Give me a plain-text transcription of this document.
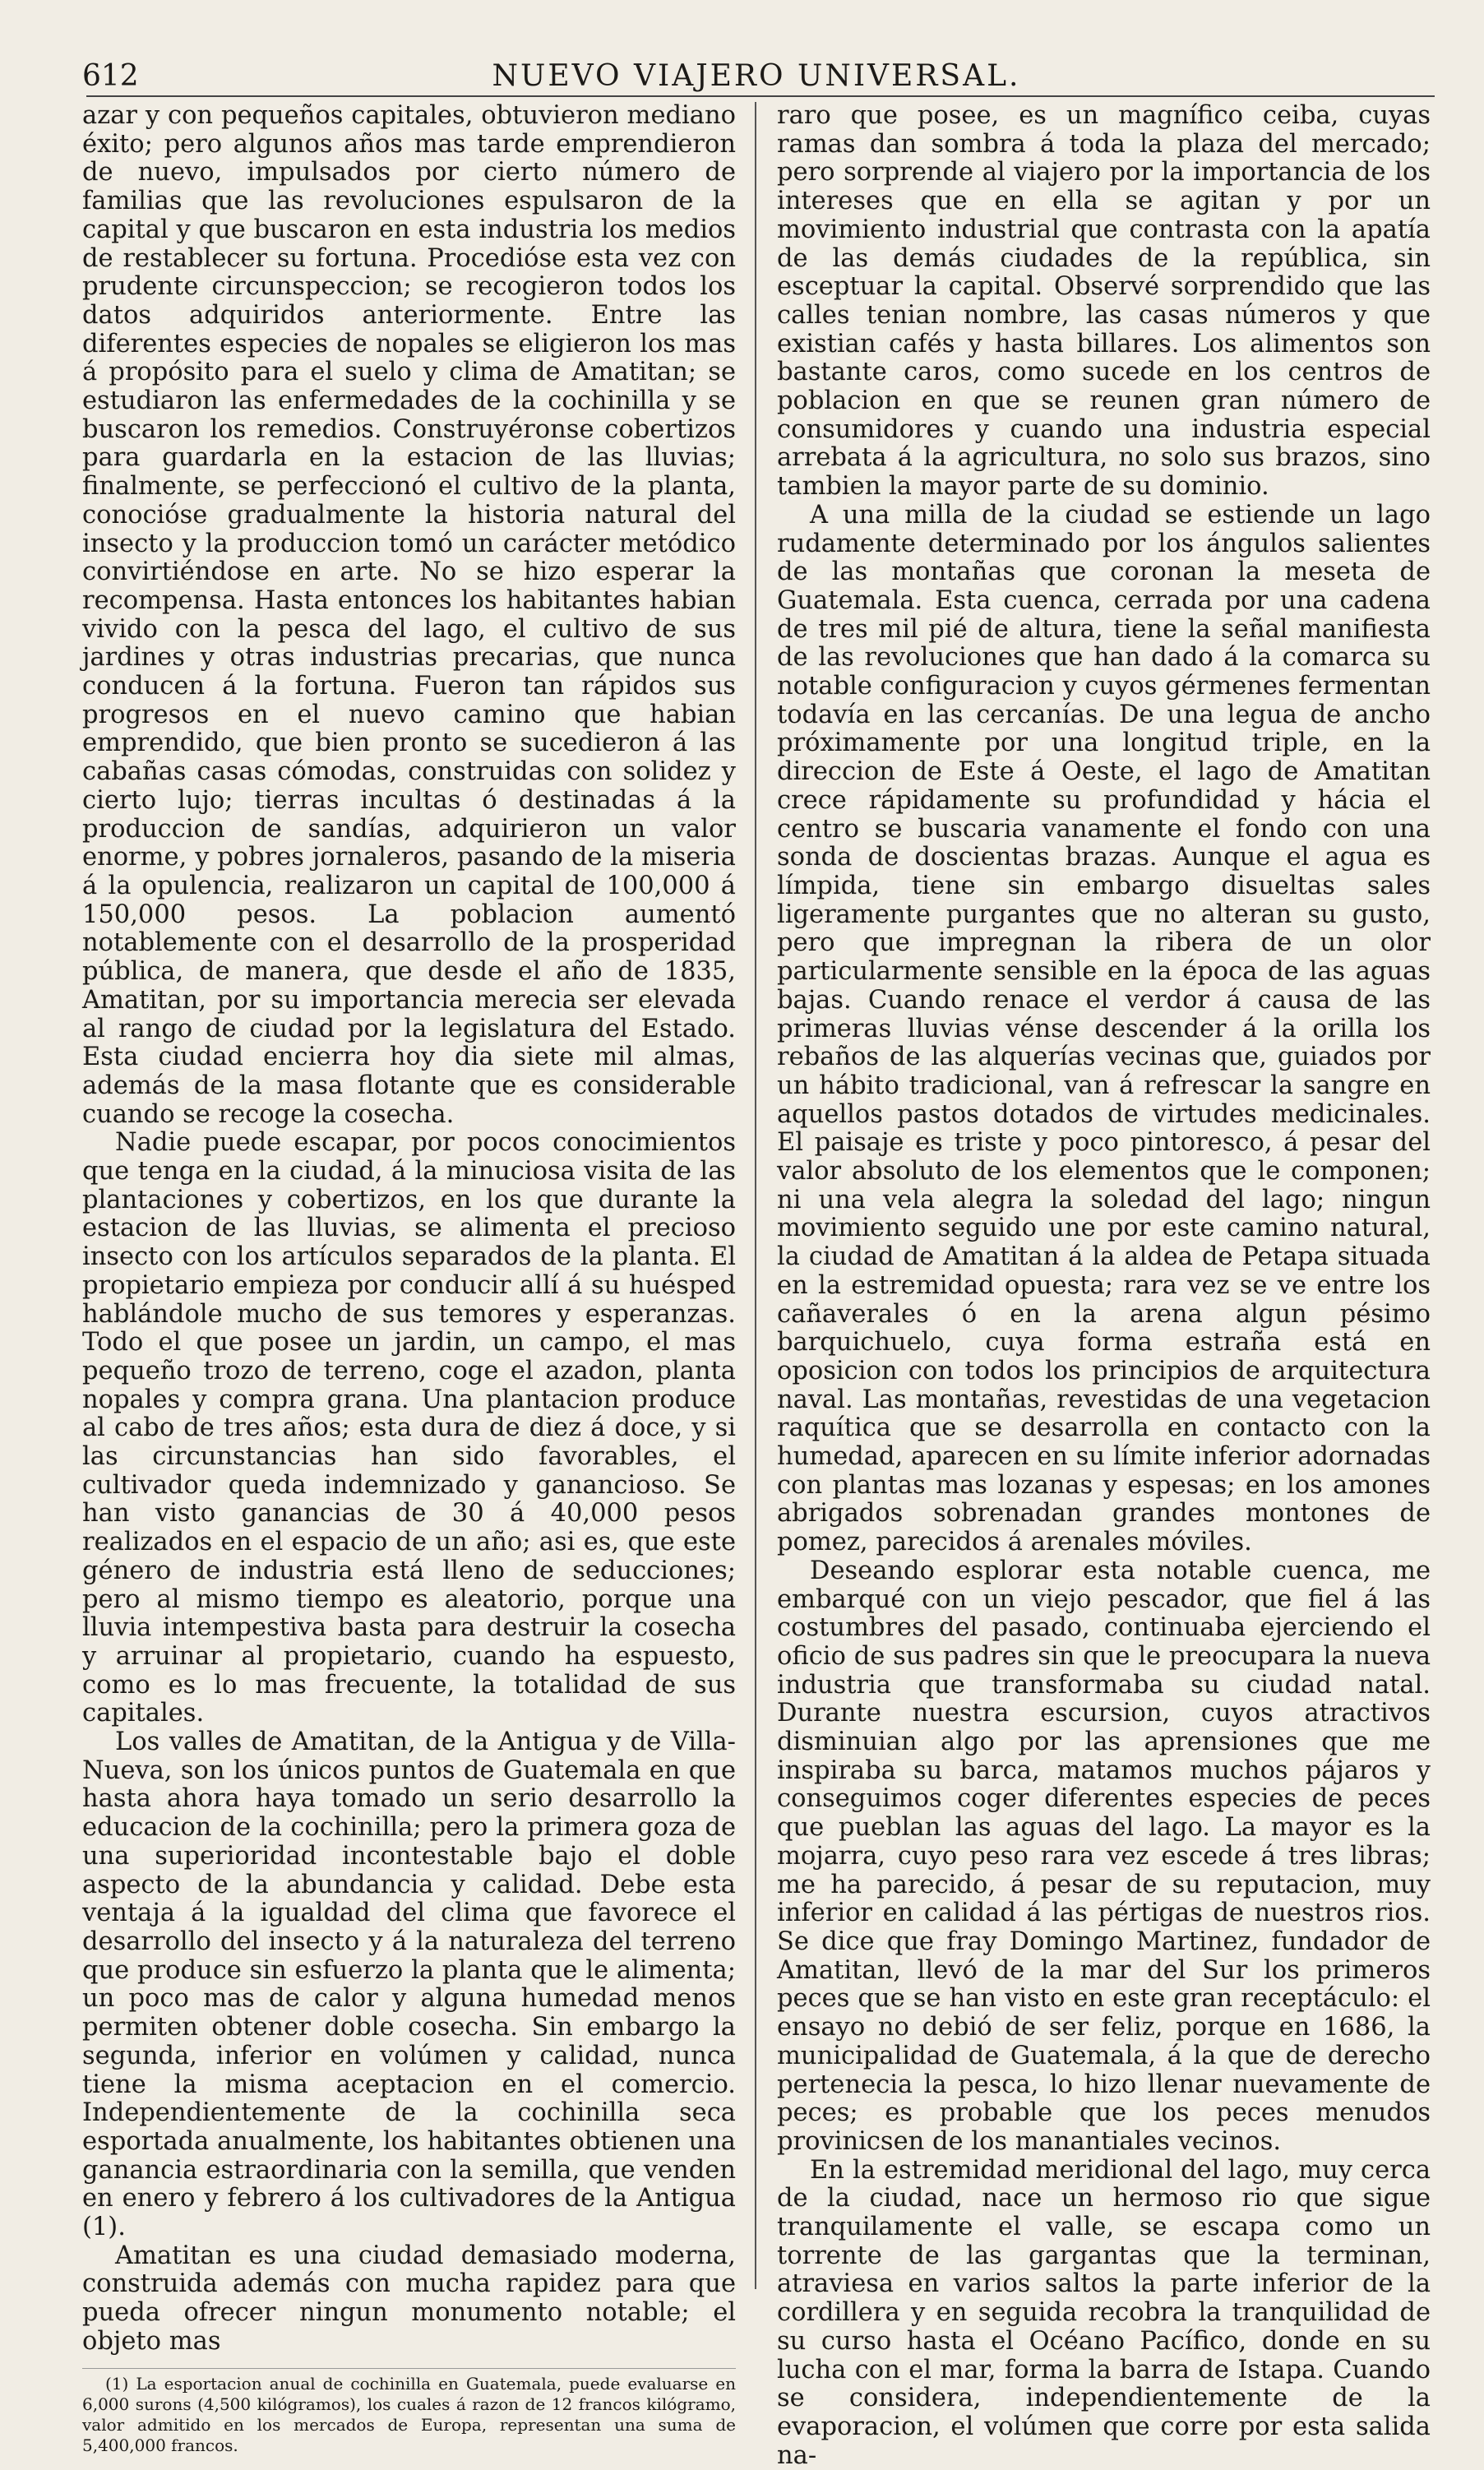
612	NUEVO VIAJERO UNIVERSAL.

azar y con pequeños capitales, obtuvieron mediano éxito; pero algunos años mas tarde emprendieron de nuevo, impulsados por cierto número de familias que las revoluciones espulsaron de la capital y que buscaron en esta industria los medios de restablecer su fortuna. Procedióse esta vez con prudente circunspeccion; se recogieron todos los datos adquiridos anteriormente. Entre las diferentes especies de nopales se eligieron los mas á propósito para el suelo y clima de Amatitan; se estudiaron las enfermedades de la cochinilla y se buscaron los remedios. Construyéronse cobertizos para guardarla en la estacion de las lluvias; finalmente, se perfeccionó el cultivo de la planta, conocióse gradualmente la historia natural del insecto y la produccion tomó un carácter metódico convirtiéndose en arte. No se hizo esperar la recompensa. Hasta entonces los habitantes habian vivido con la pesca del lago, el cultivo de sus jardines y otras industrias precarias, que nunca conducen á la fortuna. Fueron tan rápidos sus progresos en el nuevo camino que habian emprendido, que bien pronto se sucedieron á las cabañas casas cómodas, construidas con solidez y cierto lujo; tierras incultas ó destinadas á la produccion de sandías, adquirieron un valor enorme, y pobres jornaleros, pasando de la miseria á la opulencia, realizaron un capital de 100,000 á 150,000 pesos. La poblacion aumentó notablemente con el desarrollo de la prosperidad pública, de manera, que desde el año de 1835, Amatitan, por su importancia merecia ser elevada al rango de ciudad por la legislatura del Estado. Esta ciudad encierra hoy dia siete mil almas, además de la masa flotante que es considerable cuando se recoge la cosecha.

Nadie puede escapar, por pocos conocimientos que tenga en la ciudad, á la minuciosa visita de las plantaciones y cobertizos, en los que durante la estacion de las lluvias, se alimenta el precioso insecto con los artículos separados de la planta. El propietario empieza por conducir allí á su huésped hablándole mucho de sus temores y esperanzas. Todo el que posee un jardin, un campo, el mas pequeño trozo de terreno, coge el azadon, planta nopales y compra grana. Una plantacion produce al cabo de tres años; esta dura de diez á doce, y si las circunstancias han sido favorables, el cultivador queda indemnizado y ganancioso. Se han visto ganancias de 30 á 40,000 pesos realizados en el espacio de un año; asi es, que este género de industria está lleno de seducciones; pero al mismo tiempo es aleatorio, porque una lluvia intempestiva basta para destruir la cosecha y arruinar al propietario, cuando ha espuesto, como es lo mas frecuente, la totalidad de sus capitales.

Los valles de Amatitan, de la Antigua y de Villa-Nueva, son los únicos puntos de Guatemala en que hasta ahora haya tomado un serio desarrollo la educacion de la cochinilla; pero la primera goza de una superioridad incontestable bajo el doble aspecto de la abundancia y calidad. Debe esta ventaja á la igualdad del clima que favorece el desarrollo del insecto y á la naturaleza del terreno que produce sin esfuerzo la planta que le alimenta; un poco mas de calor y alguna humedad menos permiten obtener doble cosecha. Sin embargo la segunda, inferior en volúmen y calidad, nunca tiene la misma aceptacion en el comercio. Independientemente de la cochinilla seca esportada anualmente, los habitantes obtienen una ganancia estraordinaria con la semilla, que venden en enero y febrero á los cultivadores de la Antigua (1).

Amatitan es una ciudad demasiado moderna, construida además con mucha rapidez para que pueda ofrecer ningun monumento notable; el objeto mas

(1) La esportacion anual de cochinilla en Guatemala, puede evaluarse en 6,000 surons (4,500 kilógramos), los cuales á razon de 12 francos kilógramo, valor admitido en los mercados de Europa, representan una suma de 5,400,000 francos.

raro que posee, es un magnífico ceiba, cuyas ramas dan sombra á toda la plaza del mercado; pero sorprende al viajero por la importancia de los intereses que en ella se agitan y por un movimiento industrial que contrasta con la apatía de las demás ciudades de la república, sin esceptuar la capital. Observé sorprendido que las calles tenian nombre, las casas números y que existian cafés y hasta billares. Los alimentos son bastante caros, como sucede en los centros de poblacion en que se reunen gran número de consumidores y cuando una industria especial arrebata á la agricultura, no solo sus brazos, sino tambien la mayor parte de su dominio.

A una milla de la ciudad se estiende un lago rudamente determinado por los ángulos salientes de las montañas que coronan la meseta de Guatemala. Esta cuenca, cerrada por una cadena de tres mil pié de altura, tiene la señal manifiesta de las revoluciones que han dado á la comarca su notable configuracion y cuyos gérmenes fermentan todavía en las cercanías. De una legua de ancho próximamente por una longitud triple, en la direccion de Este á Oeste, el lago de Amatitan crece rápidamente su profundidad y hácia el centro se buscaria vanamente el fondo con una sonda de doscientas brazas. Aunque el agua es límpida, tiene sin embargo disueltas sales ligeramente purgantes que no alteran su gusto, pero que impregnan la ribera de un olor particularmente sensible en la época de las aguas bajas. Cuando renace el verdor á causa de las primeras lluvias vénse descender á la orilla los rebaños de las alquerías vecinas que, guiados por un hábito tradicional, van á refrescar la sangre en aquellos pastos dotados de virtudes medicinales. El paisaje es triste y poco pintoresco, á pesar del valor absoluto de los elementos que le componen; ni una vela alegra la soledad del lago; ningun movimiento seguido une por este camino natural, la ciudad de Amatitan á la aldea de Petapa situada en la estremidad opuesta; rara vez se ve entre los cañaverales ó en la arena algun pésimo barquichuelo, cuya forma estraña está en oposicion con todos los principios de arquitectura naval. Las montañas, revestidas de una vegetacion raquítica que se desarrolla en contacto con la humedad, aparecen en su límite inferior adornadas con plantas mas lozanas y espesas; en los amones abrigados sobrenadan grandes montones de pomez, parecidos á arenales móviles.

Deseando esplorar esta notable cuenca, me embarqué con un viejo pescador, que fiel á las costumbres del pasado, continuaba ejerciendo el oficio de sus padres sin que le preocupara la nueva industria que transformaba su ciudad natal. Durante nuestra escursion, cuyos atractivos disminuian algo por las aprensiones que me inspiraba su barca, matamos muchos pájaros y conseguimos coger diferentes especies de peces que pueblan las aguas del lago. La mayor es la mojarra, cuyo peso rara vez escede á tres libras; me ha parecido, á pesar de su reputacion, muy inferior en calidad á las pértigas de nuestros rios. Se dice que fray Domingo Martinez, fundador de Amatitan, llevó de la mar del Sur los primeros peces que se han visto en este gran receptáculo: el ensayo no debió de ser feliz, porque en 1686, la municipalidad de Guatemala, á la que de derecho pertenecia la pesca, lo hizo llenar nuevamente de peces; es probable que los peces menudos provinicsen de los manantiales vecinos.

En la estremidad meridional del lago, muy cerca de la ciudad, nace un hermoso rio que sigue tranquilamente el valle, se escapa como un torrente de las gargantas que la terminan, atraviesa en varios saltos la parte inferior de la cordillera y en seguida recobra la tranquilidad de su curso hasta el Océano Pacífico, donde en su lucha con el mar, forma la barra de Istapa. Cuando se considera, independientemente de la evaporacion, el volúmen que corre por esta salida na-
